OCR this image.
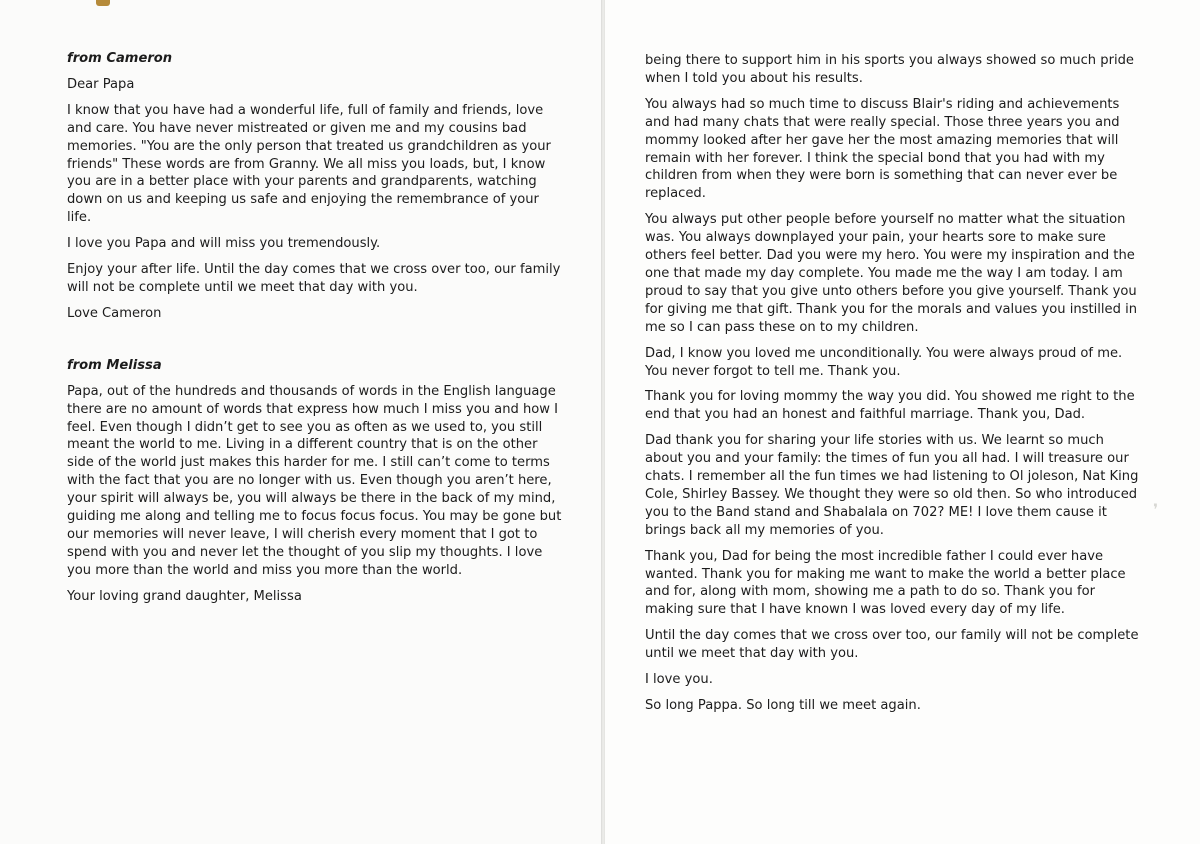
❜

from Cameron

Dear Papa

I know that you have had a wonderful life, full of family and friends, love and care. You have never mistreated or given me and my cousins bad memories. "You are the only person that treated us grandchildren as your friends" These words are from Granny. We all miss you loads, but, I know you are in a better place with your parents and grandparents, watching down on us and keeping us safe and enjoying the remembrance of your life.

I love you Papa and will miss you tremendously.

Enjoy your after life. Until the day comes that we cross over too, our family will not be complete until we meet that day with you.

Love Cameron

from Melissa

Papa, out of the hundreds and thousands of words in the English language there are no amount of words that express how much I miss you and how I feel. Even though I didn’t get to see you as often as we used to, you still meant the world to me. Living in a different country that is on the other side of the world just makes this harder for me. I still can’t come to terms with the fact that you are no longer with us. Even though you aren’t here, your spirit will always be, you will always be there in the back of my mind, guiding me along and telling me to focus focus focus. You may be gone but our memories will never leave, I will cherish every moment that I got to spend with you and never let the thought of you slip my thoughts. I love you more than the world and miss you more than the world.

Your loving grand daughter, Melissa

being there to support him in his sports you always showed so much pride when I told you about his results.

You always had so much time to discuss Blair's riding and achievements and had many chats that were really special. Those three years you and mommy looked after her gave her the most amazing memories that will remain with her forever. I think the special bond that you had with my children from when they were born is something that can never ever be replaced.

You always put other people before yourself no matter what the situation was. You always downplayed your pain, your hearts sore to make sure others feel better. Dad you were my hero. You were my inspiration and the one that made my day complete. You made me the way I am today. I am proud to say that you give unto others before you give yourself. Thank you for giving me that gift. Thank you for the morals and values you instilled in me so I can pass these on to my children.

Dad, I know you loved me unconditionally. You were always proud of me. You never forgot to tell me. Thank you.

Thank you for loving mommy the way you did. You showed me right to the end that you had an honest and faithful marriage. Thank you, Dad.

Dad thank you for sharing your life stories with us. We learnt so much about you and your family: the times of fun you all had. I will treasure our chats. I remember all the fun times we had listening to Ol joleson, Nat King Cole, Shirley Bassey. We thought they were so old then. So who introduced you to the Band stand and Shabalala on 702? ME! I love them cause it brings back all my memories of you.

Thank you, Dad for being the most incredible father I could ever have wanted. Thank you for making me want to make the world a better place and for, along with mom, showing me a path to do so. Thank you for making sure that I have known I was loved every day of my life.

Until the day comes that we cross over too, our family will not be complete until we meet that day with you.

I love you.

So long Pappa. So long till we meet again.
